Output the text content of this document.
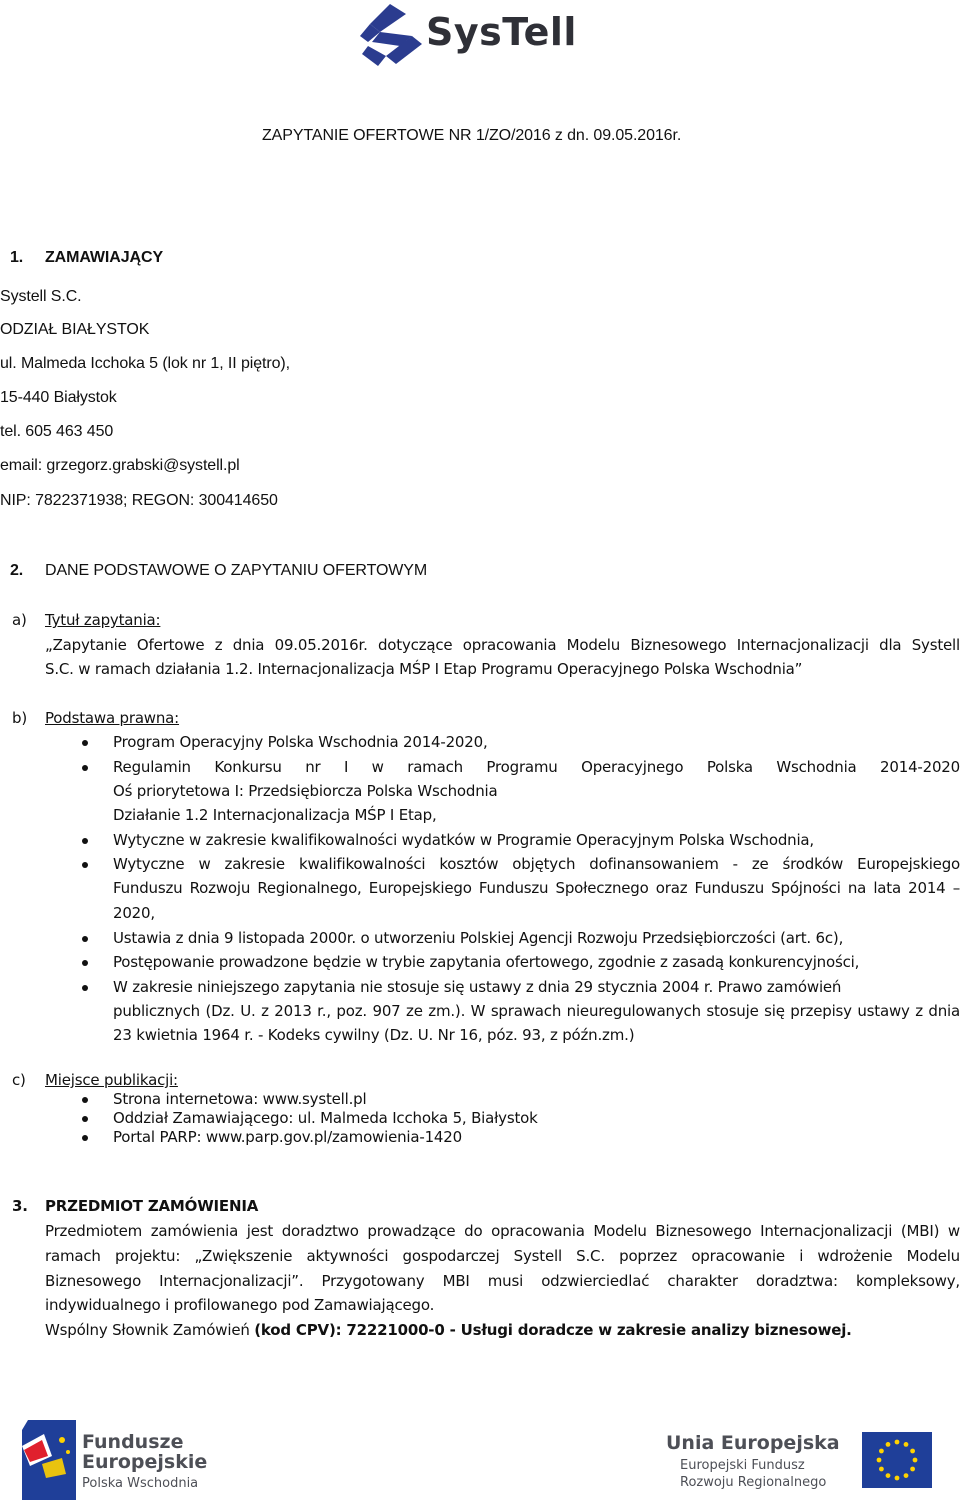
SysTell
ZAPYTANIE OFERTOWE NR 1/ZO/2016 z dn. 09.05.2016r.
1. ZAMAWIAJĄCY
Systell S.C.
ODZIAŁ BIAŁYSTOK
ul. Malmeda Icchoka 5 (lok nr 1, II piętro),
15-440 Białystok
tel. 605 463 450
email: grzegorz.grabski@systell.pl
NIP: 7822371938; REGON: 300414650
2. DANE PODSTAWOWE O ZAPYTANIU OFERTOWYM
a) Tytuł zapytania:
„Zapytanie Ofertowe z dnia 09.05.2016r. dotyczące opracowania Modelu Biznesowego Internacjonalizacji dla Systell
S.C. w ramach działania 1.2. Internacjonalizacja MŚP I Etap Programu Operacyjnego Polska Wschodnia”
b) Podstawa prawna:
Program Operacyjny Polska Wschodnia 2014-2020,
Regulamin Konkursu nr I w ramach Programu Operacyjnego Polska Wschodnia 2014-2020
Oś priorytetowa I: Przedsiębiorcza Polska Wschodnia
Działanie 1.2 Internacjonalizacja MŚP I Etap,
Wytyczne w zakresie kwalifikowalności wydatków w Programie Operacyjnym Polska Wschodnia,
Wytyczne w zakresie kwalifikowalności kosztów objętych dofinansowaniem - ze środków Europejskiego
Funduszu Rozwoju Regionalnego, Europejskiego Funduszu Społecznego oraz Funduszu Spójności na lata 2014 –
2020,
Ustawia z dnia 9 listopada 2000r. o utworzeniu Polskiej Agencji Rozwoju Przedsiębiorczości (art. 6c),
Postępowanie prowadzone będzie w trybie zapytania ofertowego, zgodnie z zasadą konkurencyjności,
W zakresie niniejszego zapytania nie stosuje się ustawy z dnia 29 stycznia 2004 r. Prawo zamówień
publicznych (Dz. U. z 2013 r., poz. 907 ze zm.). W sprawach nieuregulowanych stosuje się przepisy ustawy z dnia
23 kwietnia 1964 r. - Kodeks cywilny (Dz. U. Nr 16, póz. 93, z późn.zm.)
c) Miejsce publikacji:
Strona internetowa: www.systell.pl
Oddział Zamawiającego: ul. Malmeda Icchoka 5, Białystok
Portal PARP: www.parp.gov.pl/zamowienia-1420
3. PRZEDMIOT ZAMÓWIENIA
Przedmiotem zamówienia jest doradztwo prowadzące do opracowania Modelu Biznesowego Internacjonalizacji (MBI) w
ramach projektu: „Zwiększenie aktywności gospodarczej Systell S.C. poprzez opracowanie i wdrożenie Modelu
Biznesowego Internacjonalizacji”. Przygotowany MBI musi odzwierciedlać charakter doradztwa: kompleksowy,
indywidualnego i profilowanego pod Zamawiającego.
Wspólny Słownik Zamówień (kod CPV): 72221000-0 - Usługi doradcze w zakresie analizy biznesowej.
Fundusze
Europejskie
Polska Wschodnia
Unia Europejska
Europejski Fundusz
Rozwoju Regionalnego
